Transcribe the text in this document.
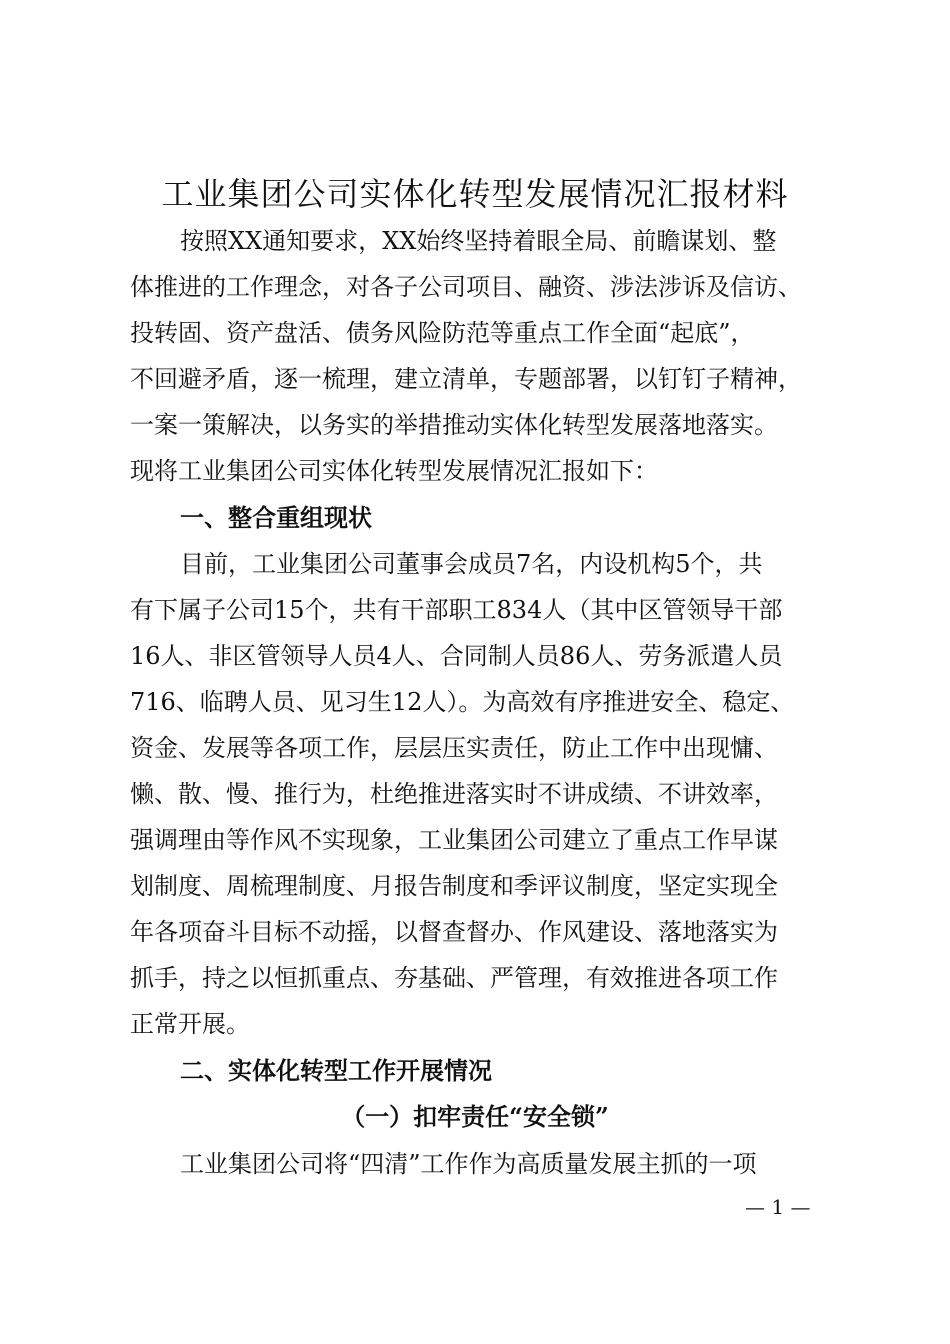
工业集团公司实体化转型发展情况汇报材料
按照XX通知要求，XX始终坚持着眼全局、前瞻谋划、整
体推进的工作理念，对各子公司项目、融资、涉法涉诉及信访、
投转固、资产盘活、债务风险防范等重点工作全面“起底”，
不回避矛盾，逐一梳理，建立清单，专题部署，以钉钉子精神，
一案一策解决，以务实的举措推动实体化转型发展落地落实。
现将工业集团公司实体化转型发展情况汇报如下：
一、整合重组现状
目前，工业集团公司董事会成员7名，内设机构5个，共
有下属子公司15个，共有干部职工834人（其中区管领导干部
16人、非区管领导人员4人、合同制人员86人、劳务派遣人员
716、临聘人员、见习生12人）。为高效有序推进安全、稳定、
资金、发展等各项工作，层层压实责任，防止工作中出现慵、
懒、散、慢、推行为，杜绝推进落实时不讲成绩、不讲效率，
强调理由等作风不实现象，工业集团公司建立了重点工作早谋
划制度、周梳理制度、月报告制度和季评议制度，坚定实现全
年各项奋斗目标不动摇，以督查督办、作风建设、落地落实为
抓手，持之以恒抓重点、夯基础、严管理，有效推进各项工作
正常开展。
二、实体化转型工作开展情况
（一）扣牢责任“安全锁”
工业集团公司将“四清”工作作为高质量发展主抓的一项
— 1 —
